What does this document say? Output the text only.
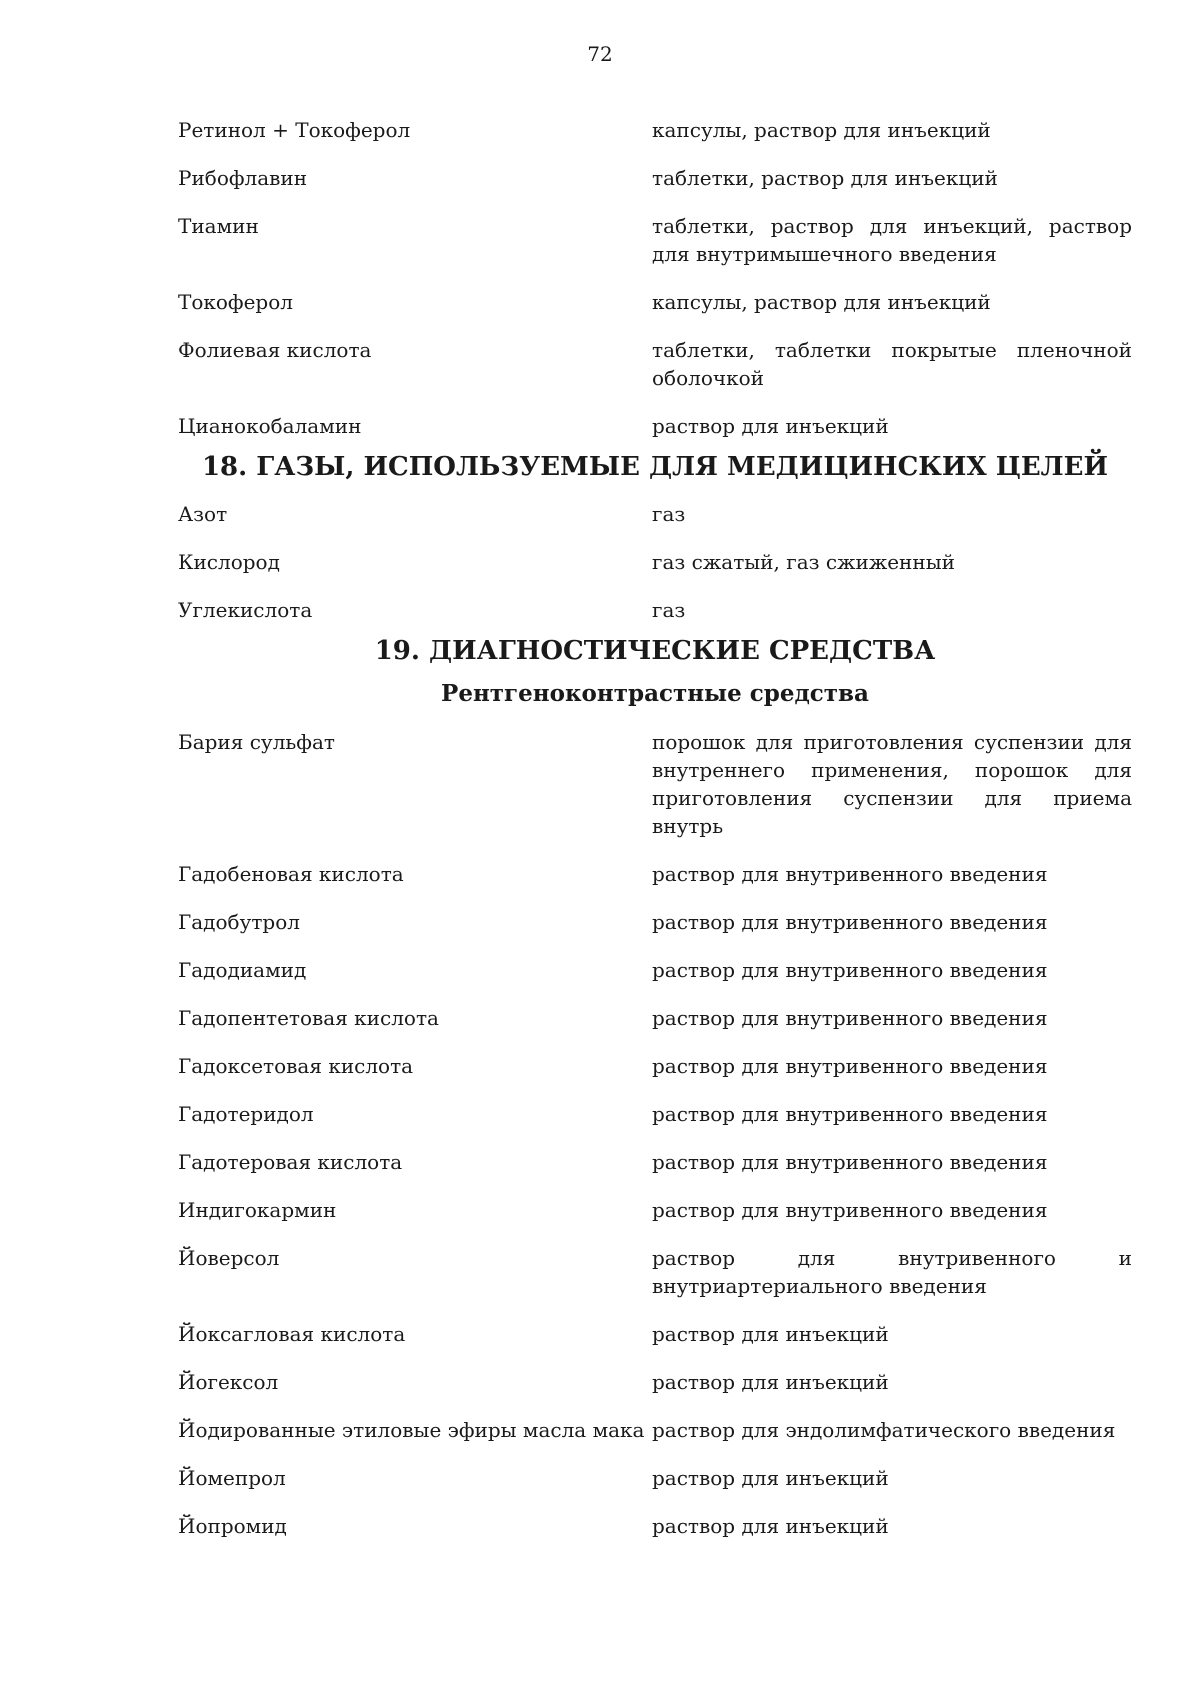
72
Ретинол + Токоферол	капсулы, раствор для инъекций
Рибофлавин	таблетки, раствор для инъекций
Тиамин	таблетки, раствор для инъекций, раствор для внутримышечного введения
Токоферол	капсулы, раствор для инъекций
Фолиевая кислота	таблетки, таблетки покрытые пленочной оболочкой
Цианокобаламин	раствор для инъекций
18. ГАЗЫ, ИСПОЛЬЗУЕМЫЕ ДЛЯ МЕДИЦИНСКИХ ЦЕЛЕЙ
Азот	газ
Кислород	газ сжатый, газ сжиженный
Углекислота	газ
19. ДИАГНОСТИЧЕСКИЕ СРЕДСТВА
Рентгеноконтрастные средства
Бария сульфат	порошок для приготовления суспензии для внутреннего применения, порошок для приготовления суспензии для приема внутрь
Гадобеновая кислота	раствор для внутривенного введения
Гадобутрол	раствор для внутривенного введения
Гадодиамид	раствор для внутривенного введения
Гадопентетовая кислота	раствор для внутривенного введения
Гадоксетовая кислота	раствор для внутривенного введения
Гадотеридол	раствор для внутривенного введения
Гадотеровая кислота	раствор для внутривенного введения
Индигокармин	раствор для внутривенного введения
Йоверсол	раствор для внутривенного и внутриартериального введения
Йоксагловая кислота	раствор для инъекций
Йогексол	раствор для инъекций
Йодированные этиловые эфиры масла мака раствор для эндолимфатического введения
Йомепрол	раствор для инъекций
Йопромид	раствор для инъекций
